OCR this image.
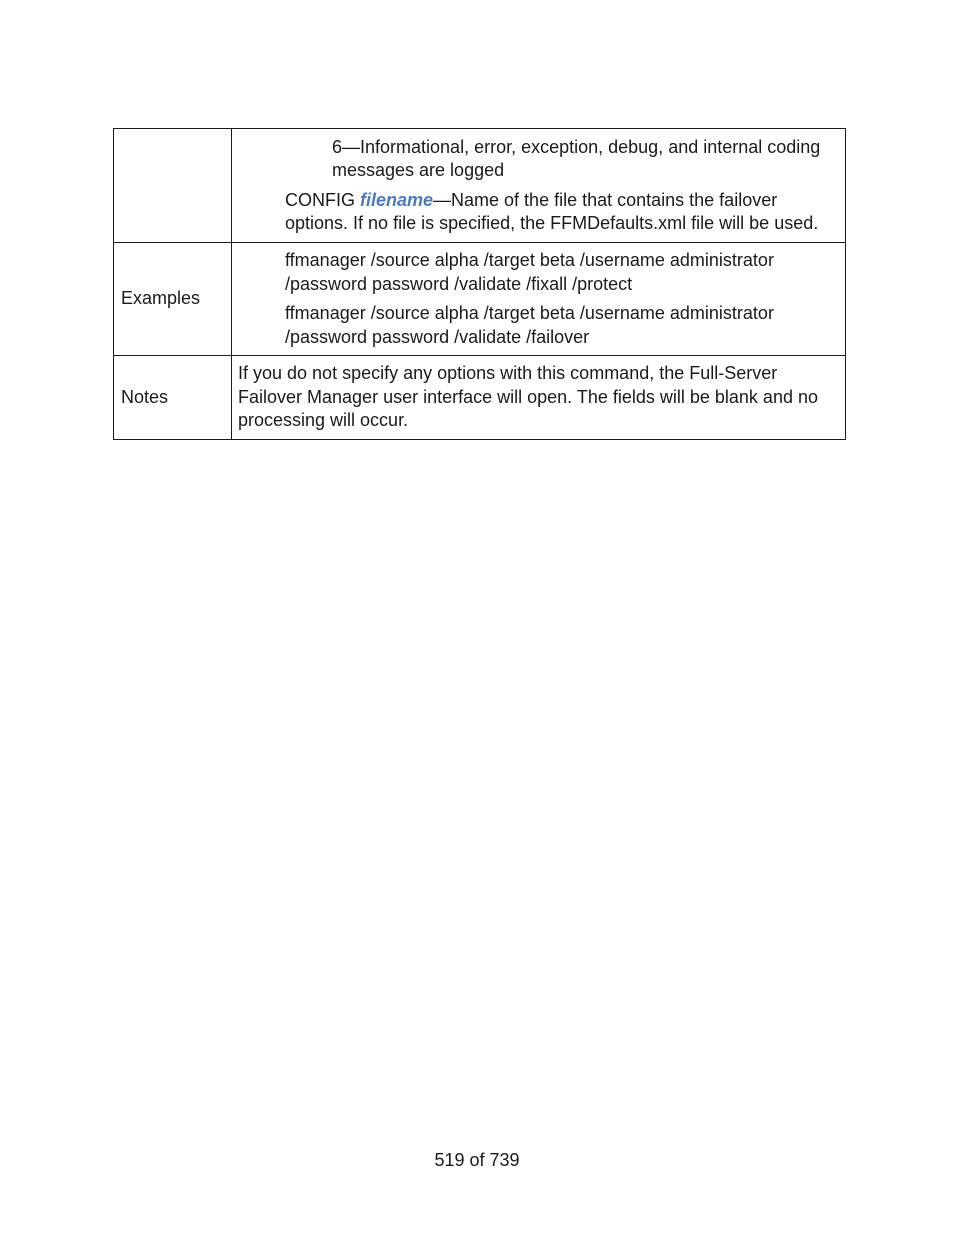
	6—Informational, error, exception, debug, and internal coding messages are logged

CONFIG filename—Name of the file that contains the failover options. If no file is specified, the FFMDefaults.xml file will be used.

Examples	ffmanager /source alpha /target beta /username administrator /password password /validate /fixall /protect

ffmanager /source alpha /target beta /username administrator /password password /validate /failover

Notes	If you do not specify any options with this command, the Full-Server Failover Manager user interface will open. The fields will be blank and no processing will occur.

519 of 739
